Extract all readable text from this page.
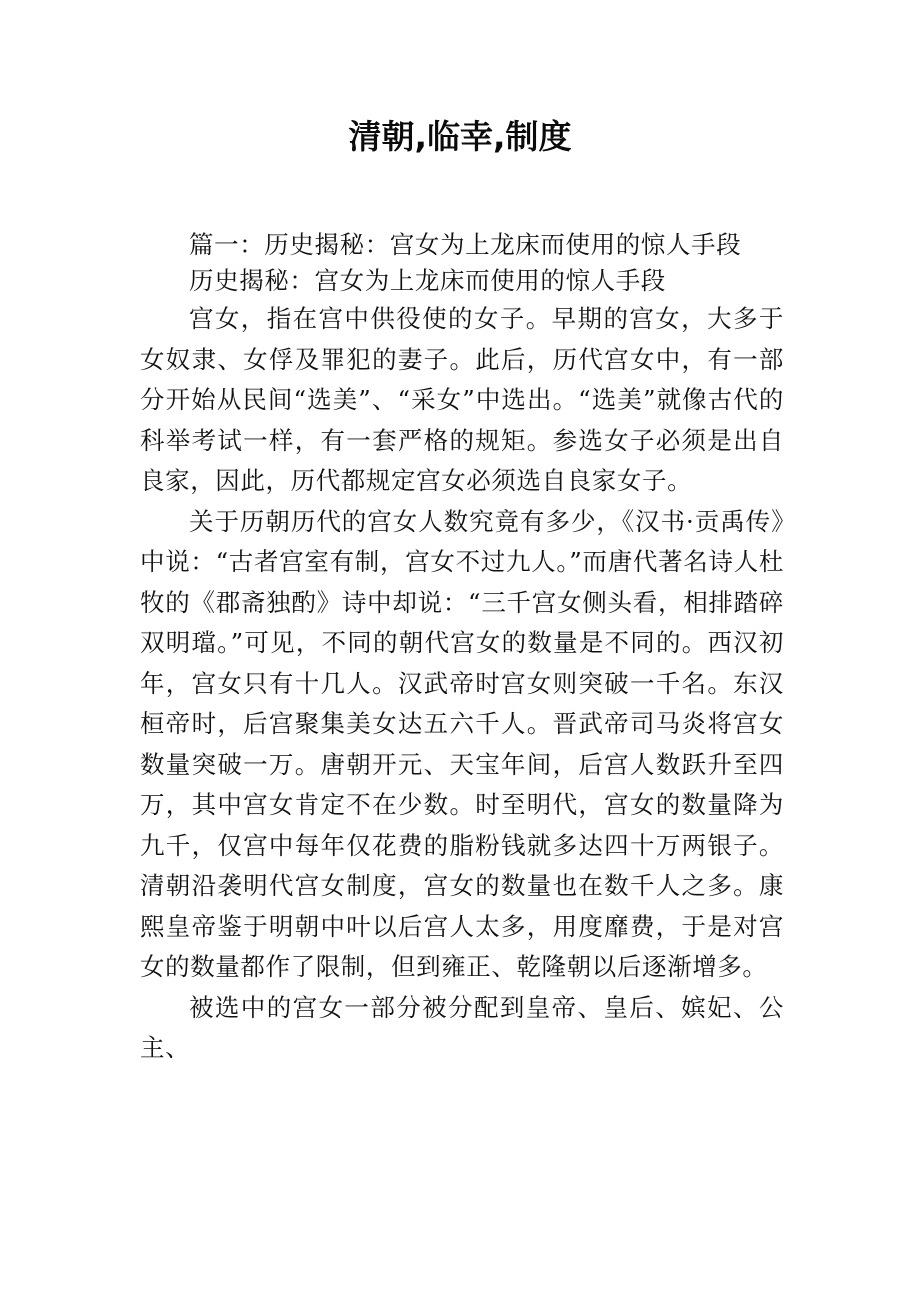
清朝,临幸,制度

篇一：历史揭秘：宫女为上龙床而使用的惊人手段

历史揭秘：宫女为上龙床而使用的惊人手段

宫女，指在宫中供役使的女子。早期的宫女，大多于女奴隶、女俘及罪犯的妻子。此后，历代宫女中，有一部分开始从民间“选美”、“采女”中选出。“选美”就像古代的科举考试一样，有一套严格的规矩。参选女子必须是出自良家，因此，历代都规定宫女必须选自良家女子。

关于历朝历代的宫女人数究竟有多少，《汉书·贡禹传》中说：“古者宫室有制，宫女不过九人。”而唐代著名诗人杜牧的《郡斋独酌》诗中却说：“三千宫女侧头看，相排踏碎双明璫。”可见，不同的朝代宫女的数量是不同的。西汉初年，宫女只有十几人。汉武帝时宫女则突破一千名。东汉桓帝时，后宫聚集美女达五六千人。晋武帝司马炎将宫女数量突破一万。唐朝开元、天宝年间，后宫人数跃升至四万，其中宫女肯定不在少数。时至明代，宫女的数量降为九千，仅宫中每年仅花费的脂粉钱就多达四十万两银子。清朝沿袭明代宫女制度，宫女的数量也在数千人之多。康熙皇帝鉴于明朝中叶以后宫人太多，用度靡费，于是对宫女的数量都作了限制，但到雍正、乾隆朝以后逐渐增多。

被选中的宫女一部分被分配到皇帝、皇后、嫔妃、公主、
